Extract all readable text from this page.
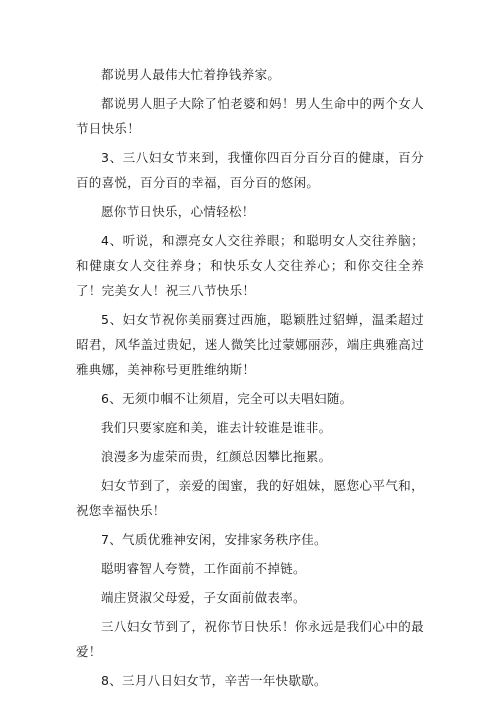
都说男人最伟大忙着挣钱养家。

都说男人胆子大除了怕老婆和妈！男人生命中的两个女人节日快乐！

3、三八妇女节来到，我懂你四百分百分百的健康，百分百的喜悦，百分百的幸福，百分百的悠闲。

愿你节日快乐，心情轻松！

4、听说，和漂亮女人交往养眼；和聪明女人交往养脑；和健康女人交往养身；和快乐女人交往养心；和你交往全养了！完美女人！祝三八节快乐！

5、妇女节祝你美丽赛过西施，聪颖胜过貂蝉，温柔超过昭君，风华盖过贵妃，迷人微笑比过蒙娜丽莎，端庄典雅高过雅典娜，美神称号更胜维纳斯！

6、无须巾帼不让须眉，完全可以夫唱妇随。

我们只要家庭和美，谁去计较谁是谁非。

浪漫多为虚荣而贵，红颜总因攀比拖累。

妇女节到了，亲爱的闺蜜，我的好姐妹，愿您心平气和，祝您幸福快乐！

7、气质优雅神安闲，安排家务秩序佳。

聪明睿智人夸赞，工作面前不掉链。

端庄贤淑父母爱，子女面前做表率。

三八妇女节到了，祝你节日快乐！你永远是我们心中的最爱！

8、三月八日妇女节，辛苦一年快歇歇。
